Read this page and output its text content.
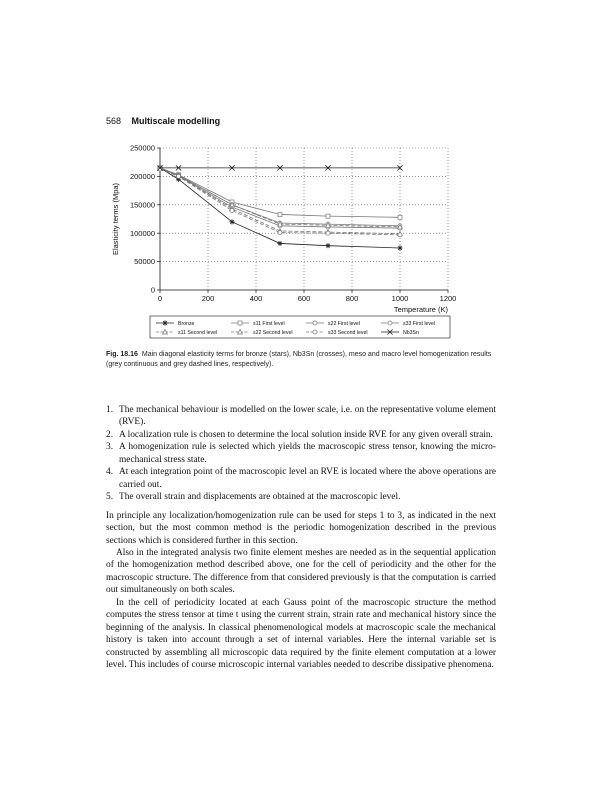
568 Multiscale modelling
0	200	400	600	800	1000	1200
0
50000
100000
150000
200000
250000
Temperature (K)
Elasticity terms (Mpa)
Bronze	s11 First level	s22 First level	s33 First level
s11 Second level	s22 Second level	s33 Second level	Nb3Sn
Fig. 18.16 Main diagonal elasticity terms for bronze (stars), Nb3Sn (crosses), meso and macro level homogenization results (grey continuous and grey dashed lines, respectively).
1. The mechanical behaviour is modelled on the lower scale, i.e. on the representative volume element (RVE).
2. A localization rule is chosen to determine the local solution inside RVE for any given overall strain.
3. A homogenization rule is selected which yields the macroscopic stress tensor, knowing the micro-mechanical stress state.
4. At each integration point of the macroscopic level an RVE is located where the above operations are carried out.
5. The overall strain and displacements are obtained at the macroscopic level.

In principle any localization/homogenization rule can be used for steps 1 to 3, as indicated in the next section, but the most common method is the periodic homogenization described in the previous sections which is considered further in this section.

Also in the integrated analysis two finite element meshes are needed as in the sequential application of the homogenization method described above, one for the cell of periodicity and the other for the macroscopic structure. The difference from that considered previously is that the computation is carried out simultaneously on both scales.

In the cell of periodicity located at each Gauss point of the macroscopic structure the method computes the stress tensor at time t using the current strain, strain rate and mechanical history since the beginning of the analysis. In classical phenomenological models at macroscopic scale the mechanical history is taken into account through a set of internal variables. Here the internal variable set is constructed by assembling all microscopic data required by the finite element computation at a lower level. This includes of course microscopic internal variables needed to describe dissipative phenomena.
